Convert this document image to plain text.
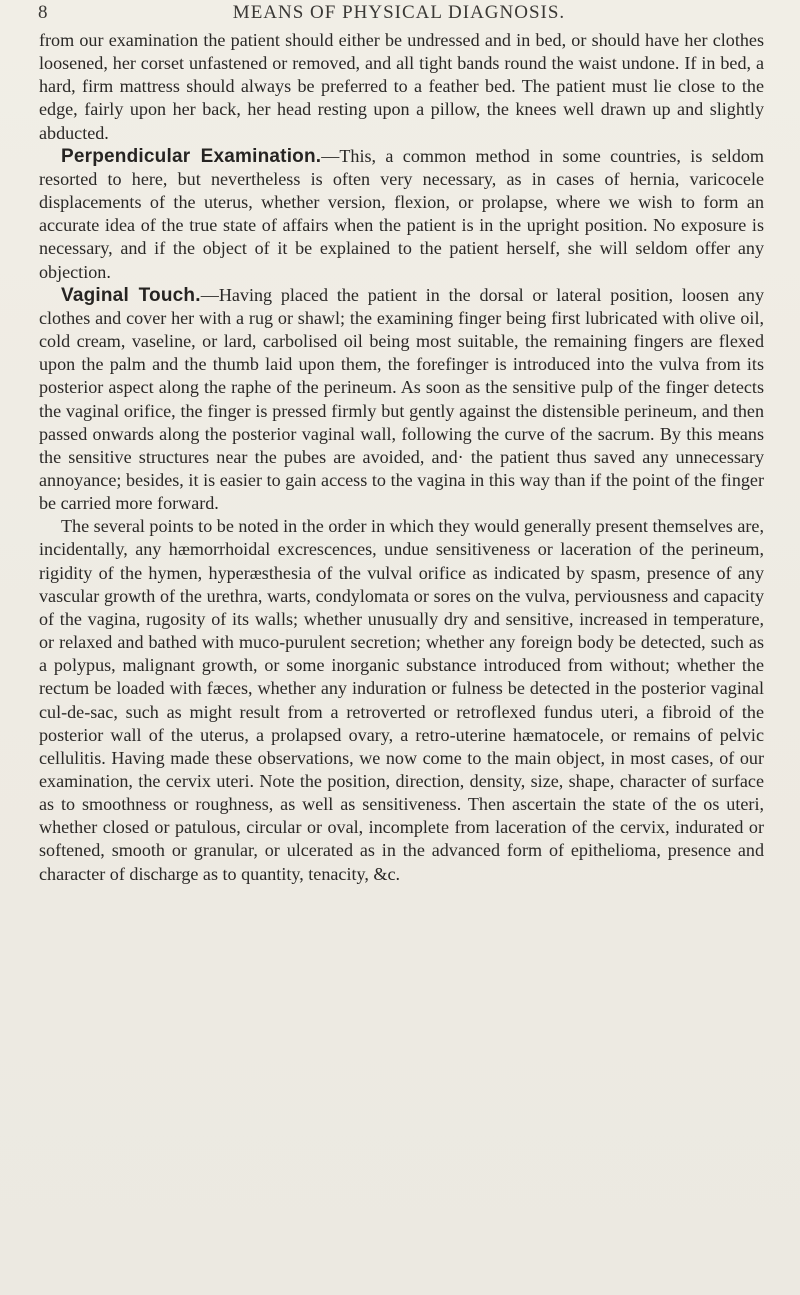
8	MEANS OF PHYSICAL DIAGNOSIS.

from our examination the patient should either be undressed and in bed, or should have her clothes loosened, her corset unfastened or removed, and all tight bands round the waist undone. If in bed, a hard, firm mattress should always be preferred to a feather bed. The patient must lie close to the edge, fairly upon her back, her head resting upon a pillow, the knees well drawn up and slightly abducted.

Perpendicular Examination.—This, a common method in some countries, is seldom resorted to here, but nevertheless is often very necessary, as in cases of hernia, varicocele displacements of the uterus, whether version, flexion, or prolapse, where we wish to form an accurate idea of the true state of affairs when the patient is in the upright position. No exposure is necessary, and if the object of it be explained to the patient herself, she will seldom offer any objection.

Vaginal Touch.—Having placed the patient in the dorsal or lateral position, loosen any clothes and cover her with a rug or shawl; the examining finger being first lubricated with olive oil, cold cream, vaseline, or lard, carbolised oil being most suitable, the remaining fingers are flexed upon the palm and the thumb laid upon them, the forefinger is introduced into the vulva from its posterior aspect along the raphe of the perineum. As soon as the sensitive pulp of the finger detects the vaginal orifice, the finger is pressed firmly but gently against the distensible perineum, and then passed onwards along the posterior vaginal wall, following the curve of the sacrum. By this means the sensitive structures near the pubes are avoided, and· the patient thus saved any unnecessary annoyance; besides, it is easier to gain access to the vagina in this way than if the point of the finger be carried more forward.

The several points to be noted in the order in which they would generally present themselves are, incidentally, any hæmorrhoidal excrescences, undue sensitiveness or laceration of the perineum, rigidity of the hymen, hyperæsthesia of the vulval orifice as indicated by spasm, presence of any vascular growth of the urethra, warts, condylomata or sores on the vulva, perviousness and capacity of the vagina, rugosity of its walls; whether unusually dry and sensitive, increased in temperature, or relaxed and bathed with muco-purulent secretion; whether any foreign body be detected, such as a polypus, malignant growth, or some inorganic substance introduced from without; whether the rectum be loaded with fæces, whether any induration or fulness be detected in the posterior vaginal cul-de-sac, such as might result from a retroverted or retroflexed fundus uteri, a fibroid of the posterior wall of the uterus, a prolapsed ovary, a retro-uterine hæmatocele, or remains of pelvic cellulitis. Having made these observations, we now come to the main object, in most cases, of our examination, the cervix uteri. Note the position, direction, density, size, shape, character of surface as to smoothness or roughness, as well as sensitiveness. Then ascertain the state of the os uteri, whether closed or patulous, circular or oval, incomplete from laceration of the cervix, indurated or softened, smooth or granular, or ulcerated as in the advanced form of epithelioma, presence and character of discharge as to quantity, tenacity, &c.
